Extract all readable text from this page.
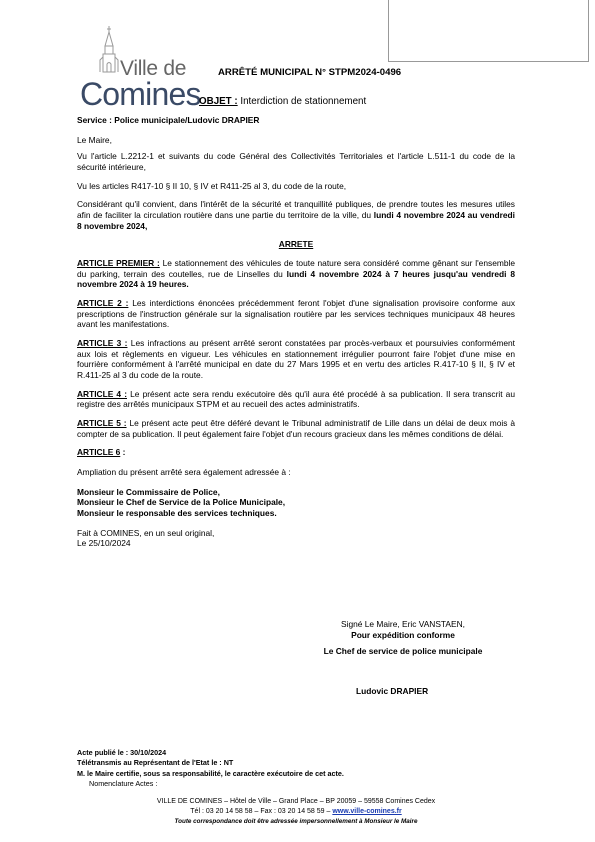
Ville de
Comines
ARRÊTÉ MUNICIPAL N° STPM2024-0496
OBJET : Interdiction de stationnement

Service : Police municipale/Ludovic DRAPIER

Le Maire,

Vu l'article L.2212-1 et suivants du code Général des Collectivités Territoriales et l'article L.511-1 du code de la sécurité intérieure,

Vu les articles R417-10 § II 10, § IV et R411-25 al 3, du code de la route,

Considérant qu'il convient, dans l'intérêt de la sécurité et tranquillité publiques, de prendre toutes les mesures utiles afin de faciliter la circulation routière dans une partie du territoire de la ville, du lundi 4 novembre 2024 au vendredi 8 novembre 2024,

ARRETE

ARTICLE PREMIER : Le stationnement des véhicules de toute nature sera considéré comme gênant sur l'ensemble du parking, terrain des coutelles, rue de Linselles du lundi 4 novembre 2024 à 7 heures jusqu'au vendredi 8 novembre 2024 à 19 heures.

ARTICLE 2 : Les interdictions énoncées précédemment feront l'objet d'une signalisation provisoire conforme aux prescriptions de l'instruction générale sur la signalisation routière par les services techniques municipaux 48 heures avant les manifestations.

ARTICLE 3 : Les infractions au présent arrêté seront constatées par procès-verbaux et poursuivies conformément aux lois et règlements en vigueur. Les véhicules en stationnement irrégulier pourront faire l'objet d'une mise en fourrière conformément à l'arrêté municipal en date du 27 Mars 1995 et en vertu des articles R.417-10 § II, § IV et R.411-25 al 3 du code de la route.

ARTICLE 4 : Le présent acte sera rendu exécutoire dès qu'il aura été procédé à sa publication. Il sera transcrit au registre des arrêtés municipaux STPM et au recueil des actes administratifs.

ARTICLE 5 : Le présent acte peut être déféré devant le Tribunal administratif de Lille dans un délai de deux mois à compter de sa publication. Il peut également faire l'objet d'un recours gracieux dans les mêmes conditions de délai.

ARTICLE 6 :

Ampliation du présent arrêté sera également adressée à :

Monsieur le Commissaire de Police,

Monsieur le Chef de Service de la Police Municipale,

Monsieur le responsable des services techniques.

Fait à COMINES, en un seul original,

Le 25/10/2024

Signé Le Maire, Eric VANSTAEN,
Pour expédition conforme
Le Chef de service de police municipale
Ludovic DRAPIER
Acte publié le : 30/10/2024
Télétransmis au Représentant de l'Etat le : NT
M. le Maire certifie, sous sa responsabilité, le caractère exécutoire de cet acte.
Nomenclature Actes :
VILLE DE COMINES – Hôtel de Ville – Grand Place – BP 20059 – 59558 Comines Cedex
Tél : 03 20 14 58 58 – Fax : 03 20 14 58 59 – www.ville-comines.fr
Toute correspondance doit être adressée impersonnellement à Monsieur le Maire
